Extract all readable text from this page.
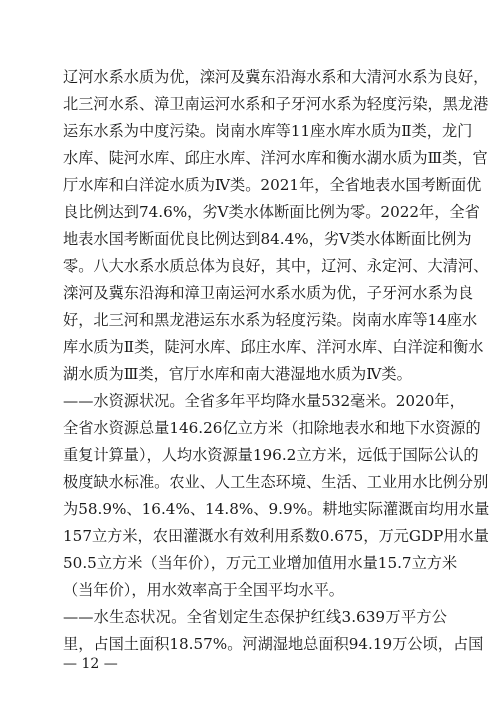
辽河水系水质为优，滦河及冀东沿海水系和大清河水系为良好，
北三河水系、漳卫南运河水系和子牙河水系为轻度污染，黑龙港
运东水系为中度污染。岗南水库等11座水库水质为Ⅱ类，龙门
水库、陡河水库、邱庄水库、洋河水库和衡水湖水质为Ⅲ类，官
厅水库和白洋淀水质为Ⅳ类。2021年，全省地表水国考断面优
良比例达到74.6%，劣Ⅴ类水体断面比例为零。2022年，全省
地表水国考断面优良比例达到84.4%，劣Ⅴ类水体断面比例为
零。八大水系水质总体为良好，其中，辽河、永定河、大清河、
滦河及冀东沿海和漳卫南运河水系水质为优，子牙河水系为良
好，北三河和黑龙港运东水系为轻度污染。岗南水库等14座水
库水质为Ⅱ类，陡河水库、邱庄水库、洋河水库、白洋淀和衡水
湖水质为Ⅲ类，官厅水库和南大港湿地水质为Ⅳ类。
——水资源状况。全省多年平均降水量532毫米。2020年，
全省水资源总量146.26亿立方米（扣除地表水和地下水资源的
重复计算量），人均水资源量196.2立方米，远低于国际公认的
极度缺水标准。农业、人工生态环境、生活、工业用水比例分别
为58.9%、16.4%、14.8%、9.9%。耕地实际灌溉亩均用水量
157立方米，农田灌溉水有效利用系数0.675，万元GDP用水量
50.5立方米（当年价），万元工业增加值用水量15.7立方米
（当年价），用水效率高于全国平均水平。
——水生态状况。全省划定生态保护红线3.639万平方公
里，占国土面积18.57%。河湖湿地总面积94.19万公顷，占国
— 12 —
